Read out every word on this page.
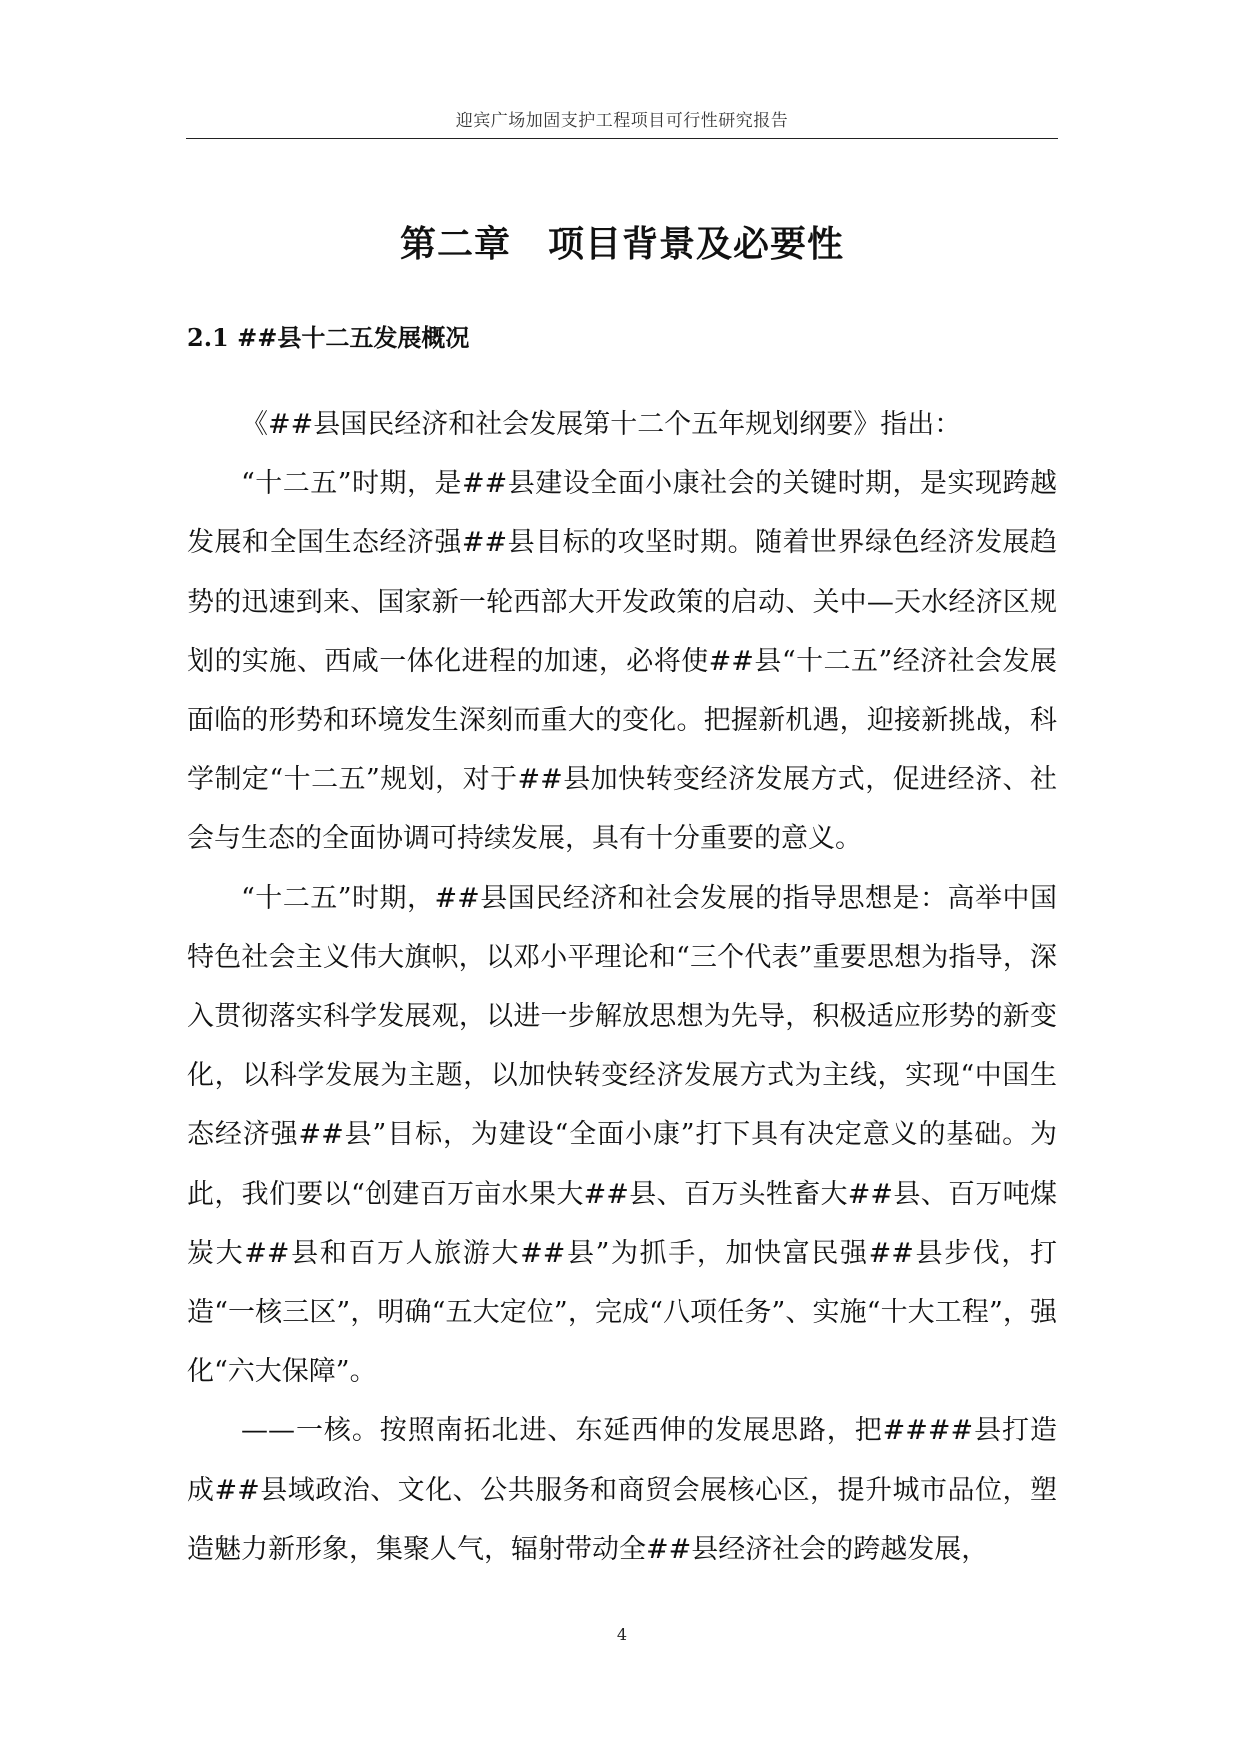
迎宾广场加固支护工程项目可行性研究报告
第二章　项目背景及必要性
2.1 ##县十二五发展概况

《##县国民经济和社会发展第十二个五年规划纲要》指出：

“十二五”时期，是##县建设全面小康社会的关键时期，是实现跨越发展和全国生态经济强##县目标的攻坚时期。随着世界绿色经济发展趋势的迅速到来、国家新一轮西部大开发政策的启动、关中—天水经济区规划的实施、西咸一体化进程的加速，必将使##县“十二五”经济社会发展面临的形势和环境发生深刻而重大的变化。把握新机遇，迎接新挑战，科学制定“十二五”规划，对于##县加快转变经济发展方式，促进经济、社会与生态的全面协调可持续发展，具有十分重要的意义。

“十二五”时期，##县国民经济和社会发展的指导思想是：高举中国特色社会主义伟大旗帜，以邓小平理论和“三个代表”重要思想为指导，深入贯彻落实科学发展观，以进一步解放思想为先导，积极适应形势的新变化，以科学发展为主题，以加快转变经济发展方式为主线，实现“中国生态经济强##县”目标，为建设“全面小康”打下具有决定意义的基础。为此，我们要以“创建百万亩水果大##县、百万头牲畜大##县、百万吨煤炭大##县和百万人旅游大##县”为抓手，加快富民强##县步伐，打造“一核三区”，明确“五大定位”，完成“八项任务”、实施“十大工程”，强化“六大保障”。

——一核。按照南拓北进、东延西伸的发展思路，把####县打造成##县域政治、文化、公共服务和商贸会展核心区，提升城市品位，塑造魅力新形象，集聚人气，辐射带动全##县经济社会的跨越发展，

4
